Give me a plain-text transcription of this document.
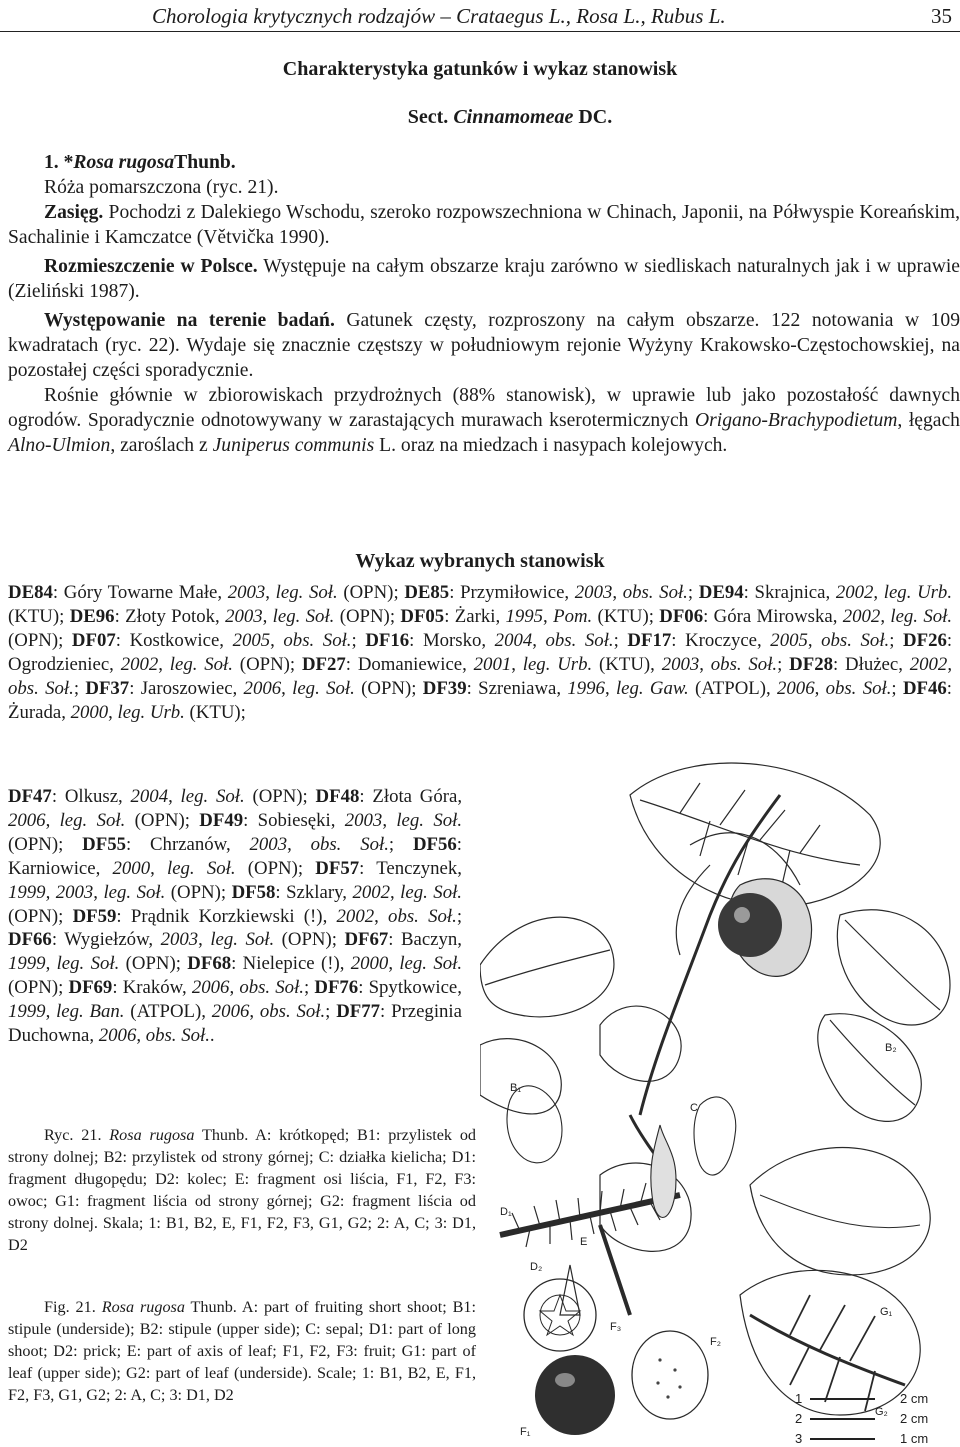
Chorologia krytycznych rodzajów – Crataegus L., Rosa L., Rubus L.	35
Charakterystyka gatunków i wykaz stanowisk
Sect. Cinnamomeae DC.

1. *Rosa rugosaThunb.

Róża pomarszczona (ryc. 21).

Zasięg. Pochodzi z Dalekiego Wschodu, szeroko rozpowszechniona w Chinach, Japonii, na Półwyspie Koreańskim, Sachalinie i Kamczatce (Větvička 1990).

Rozmieszczenie w Polsce. Występuje na całym obszarze kraju zarówno w siedliskach naturalnych jak i w uprawie (Zieliński 1987).

Występowanie na terenie badań. Gatunek częsty, rozproszony na całym obszarze. 122 notowania w 109 kwadratach (ryc. 22). Wydaje się znacznie częstszy w południowym rejonie Wyżyny Krakowsko-Częstochowskiej, na pozostałej części sporadycznie.

Rośnie głównie w zbiorowiskach przydrożnych (88% stanowisk), w uprawie lub jako pozostałość dawnych ogrodów. Sporadycznie odnotowywany w zarastających murawach kserotermicznych Origano-Brachypodietum, łęgach Alno-Ulmion, zaroślach z Juniperus communis L. oraz na miedzach i nasypach kolejowych.

Wykaz wybranych stanowisk

DE84: Góry Towarne Małe, 2003, leg. Soł. (OPN); DE85: Przymiłowice, 2003, obs. Soł.; DE94: Skrajnica, 2002, leg. Urb. (KTU); DE96: Złoty Potok, 2003, leg. Soł. (OPN); DF05: Żarki, 1995, Pom. (KTU); DF06: Góra Mirowska, 2002, leg. Soł. (OPN); DF07: Kostkowice, 2005, obs. Soł.; DF16: Morsko, 2004, obs. Soł.; DF17: Kroczyce, 2005, obs. Soł.; DF26: Ogrodzieniec, 2002, leg. Soł. (OPN); DF27: Domaniewice, 2001, leg. Urb. (KTU), 2003, obs. Soł.; DF28: Dłużec, 2002, obs. Soł.; DF37: Jaroszowiec, 2006, leg. Soł. (OPN); DF39: Szreniawa, 1996, leg. Gaw. (ATPOL), 2006, obs. Soł.; DF46: Żurada, 2000, leg. Urb. (KTU);

DF47: Olkusz, 2004, leg. Soł. (OPN); DF48: Złota Góra, 2006, leg. Soł. (OPN); DF49: Sobiesęki, 2003, leg. Soł. (OPN); DF55: Chrzanów, 2003, obs. Soł.; DF56: Karniowice, 2000, leg. Soł. (OPN); DF57: Tenczynek, 1999, 2003, leg. Soł. (OPN); DF58: Szklary, 2002, leg. Soł. (OPN); DF59: Prądnik Korzkiewski (!), 2002, obs. Soł.; DF66: Wygiełzów, 2003, leg. Soł. (OPN); DF67: Baczyn, 1999, leg. Soł. (OPN); DF68: Nielepice (!), 2000, leg. Soł. (OPN); DF69: Kraków, 2006, obs. Soł.; DF76: Spytkowice, 1999, leg. Ban. (ATPOL), 2006, obs. Soł.; DF77: Przeginia Duchowna, 2006, obs. Soł..

B₁
B₂
C
D₁
D₂
E
F₁
F₂
F₃
G₁
G₂
1
2
3
2 cm
2 cm
1 cm

Ryc. 21. Rosa rugosa Thunb. A: krótkopęd; B1: przylistek od strony dolnej; B2: przylistek od strony górnej; C: działka kielicha; D1: fragment długopędu; D2: kolec; E: fragment osi liścia, F1, F2, F3: owoc; G1: fragment liścia od strony górnej; G2: fragment liścia od strony dolnej. Skala; 1: B1, B2, E, F1, F2, F3, G1, G2; 2: A, C; 3: D1, D2

Fig. 21. Rosa rugosa Thunb. A: part of fruiting short shoot; B1: stipule (underside); B2: stipule (upper side); C: sepal; D1: part of long shoot; D2: prick; E: part of axis of leaf; F1, F2, F3: fruit; G1: part of leaf (upper side); G2: part of leaf (underside). Scale; 1: B1, B2, E, F1, F2, F3, G1, G2; 2: A, C; 3: D1, D2
